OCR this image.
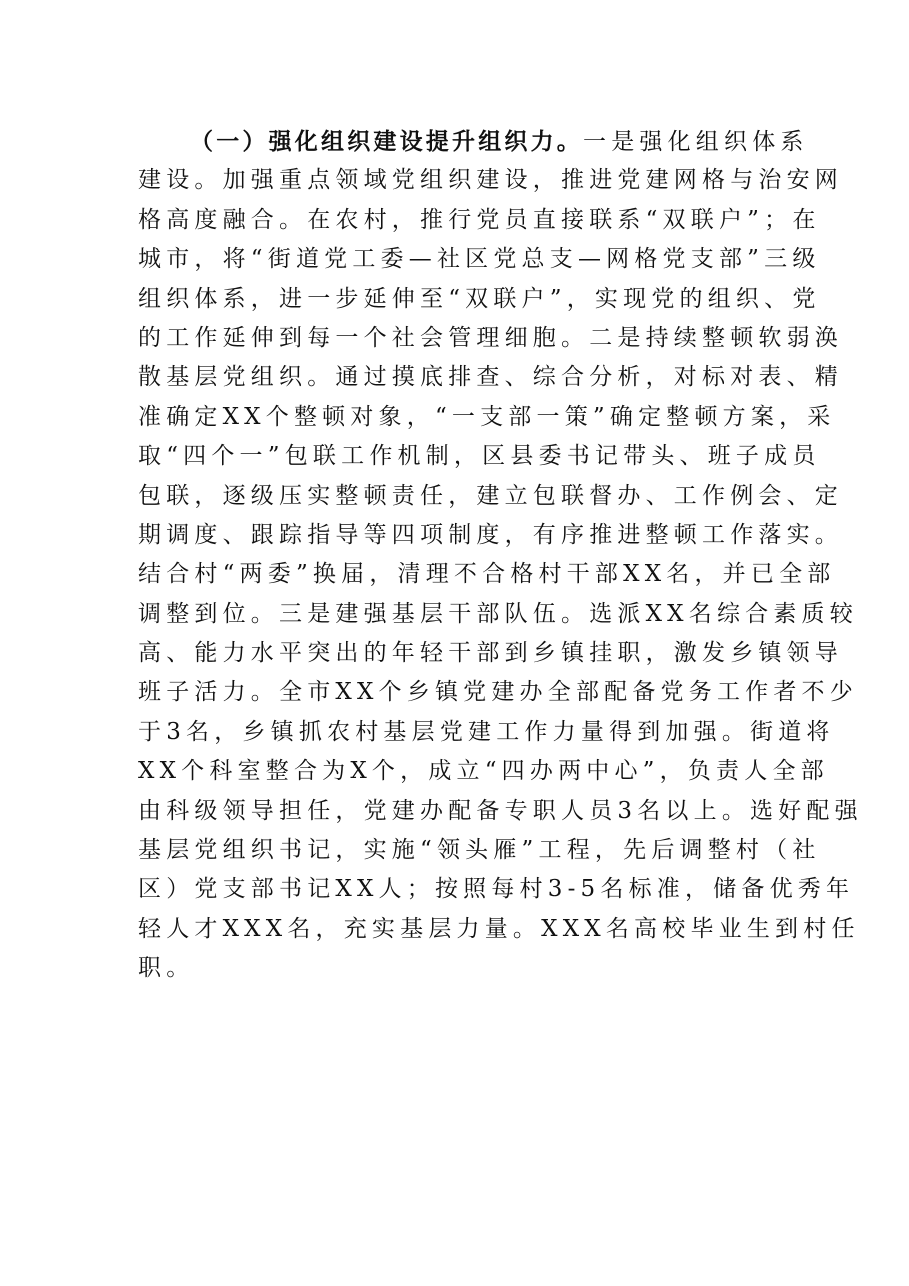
（一）强化组织建设提升组织力。一是强化组织体系
建设。加强重点领域党组织建设，推进党建网格与治安网
格高度融合。在农村，推行党员直接联系“双联户”；在
城市，将“街道党工委—社区党总支—网格党支部”三级
组织体系，进一步延伸至“双联户”，实现党的组织、党
的工作延伸到每一个社会管理细胞。二是持续整顿软弱涣
散基层党组织。通过摸底排查、综合分析，对标对表、精
准确定XX个整顿对象，“一支部一策”确定整顿方案，采
取“四个一”包联工作机制，区县委书记带头、班子成员
包联，逐级压实整顿责任，建立包联督办、工作例会、定
期调度、跟踪指导等四项制度，有序推进整顿工作落实。
结合村“两委”换届，清理不合格村干部XX名，并已全部
调整到位。三是建强基层干部队伍。选派XX名综合素质较
高、能力水平突出的年轻干部到乡镇挂职，激发乡镇领导
班子活力。全市XX个乡镇党建办全部配备党务工作者不少
于3名，乡镇抓农村基层党建工作力量得到加强。街道将
XX个科室整合为X个，成立“四办两中心”，负责人全部
由科级领导担任，党建办配备专职人员3名以上。选好配强
基层党组织书记，实施“领头雁”工程，先后调整村（社
区）党支部书记XX人；按照每村3-5名标准，储备优秀年
轻人才XXX名，充实基层力量。XXX名高校毕业生到村任
职。
